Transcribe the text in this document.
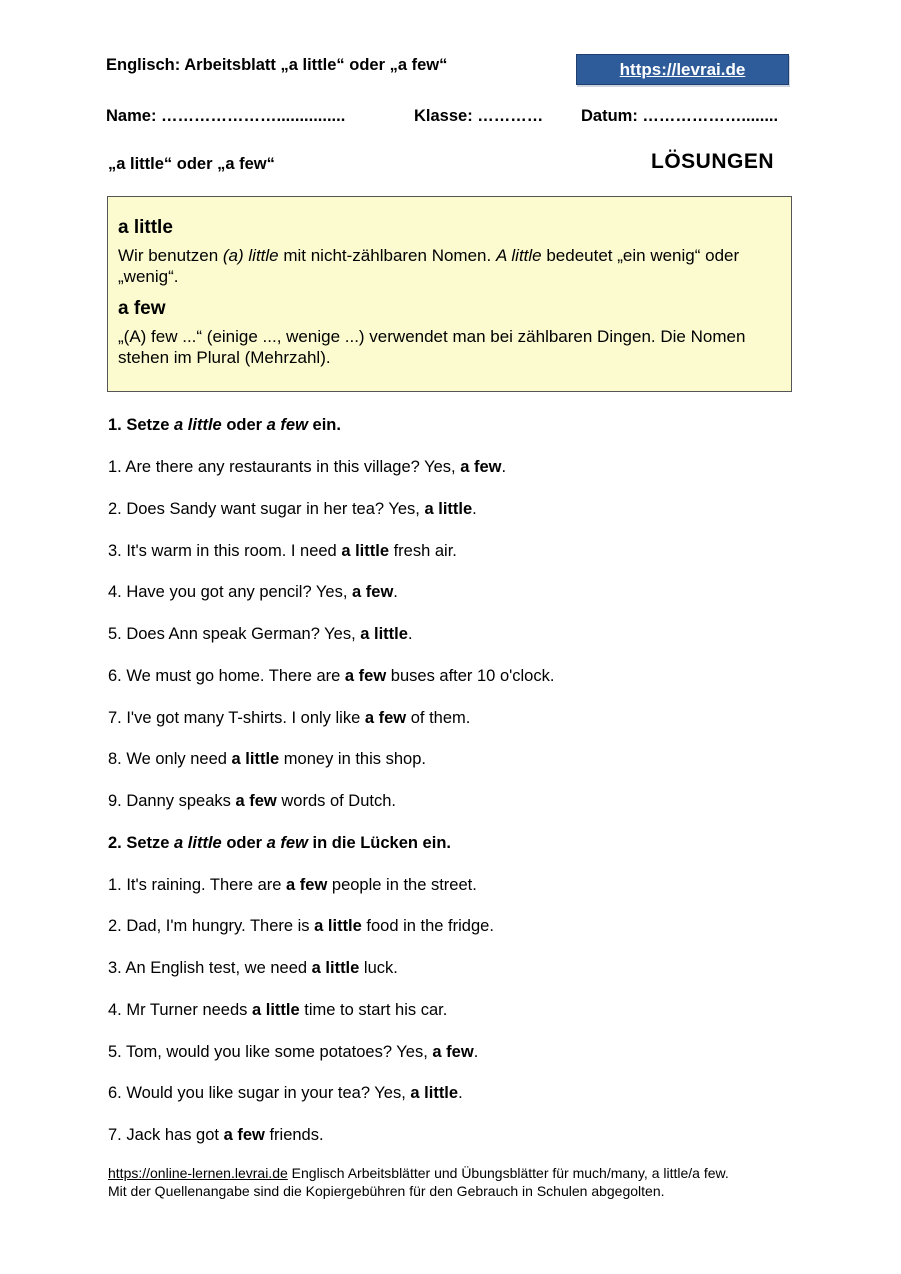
Englisch: Arbeitsblatt „a little“ oder „a few“	https://levrai.de
Name: …………………...............	Klasse: ………… Datum: ………………........
„a little“ oder „a few“	LÖSUNGEN
a little

Wir benutzen (a) little mit nicht-zählbaren Nomen. A little bedeutet „ein wenig“ oder „wenig“.

a few

„(A) few ...“ (einige ..., wenige ...) verwendet man bei zählbaren Dingen. Die Nomen stehen im Plural (Mehrzahl).

1. Setze a little oder a few ein.
1. Are there any restaurants in this village? Yes, a few.
2. Does Sandy want sugar in her tea? Yes, a little.
3. It's warm in this room. I need a little fresh air.
4. Have you got any pencil? Yes, a few.
5. Does Ann speak German? Yes, a little.
6. We must go home. There are a few buses after 10 o'clock.
7. I've got many T-shirts. I only like a few of them.
8. We only need a little money in this shop.
9. Danny speaks a few words of Dutch.
2. Setze a little oder a few in die Lücken ein.
1. It's raining. There are a few people in the street.
2. Dad, I'm hungry. There is a little food in the fridge.
3. An English test, we need a little luck.
4. Mr Turner needs a little time to start his car.
5. Tom, would you like some potatoes? Yes, a few.
6. Would you like sugar in your tea? Yes, a little.
7. Jack has got a few friends.
https://online-lernen.levrai.de Englisch Arbeitsblätter und Übungsblätter für much/many, a little/a few.
Mit der Quellenangabe sind die Kopiergebühren für den Gebrauch in Schulen abgegolten.
